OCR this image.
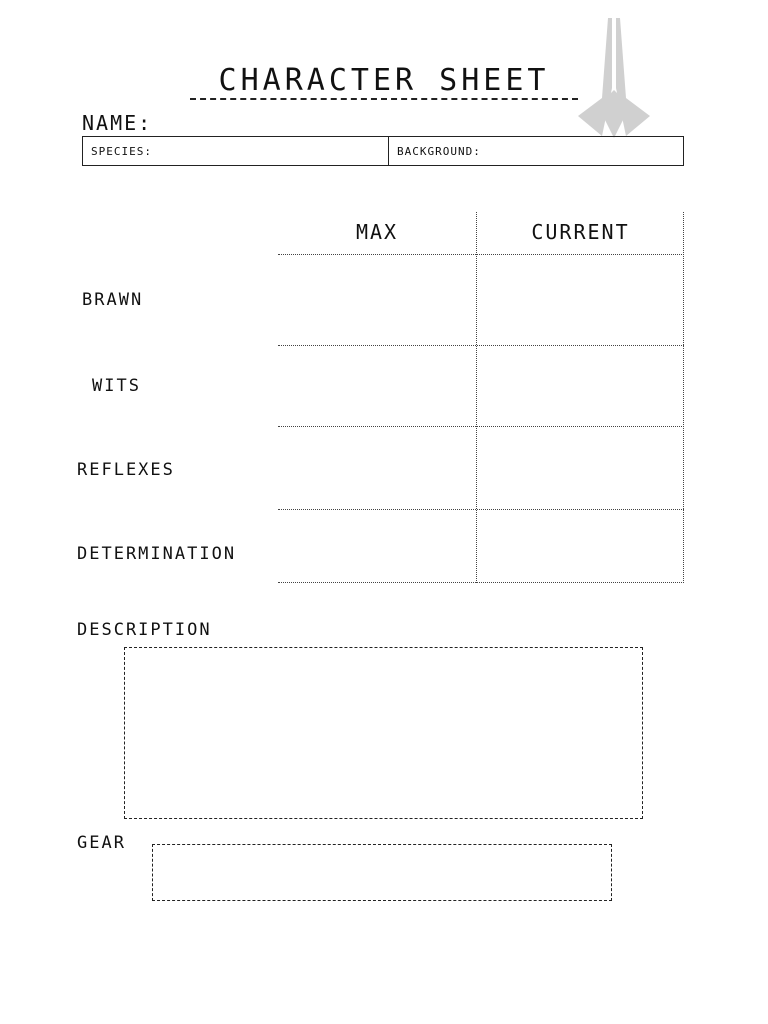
CHARACTER SHEET
NAME:
SPECIES:	BACKGROUND:
MAX	CURRENT
BRAWN
WITS
REFLEXES
DETERMINATION
DESCRIPTION
GEAR
